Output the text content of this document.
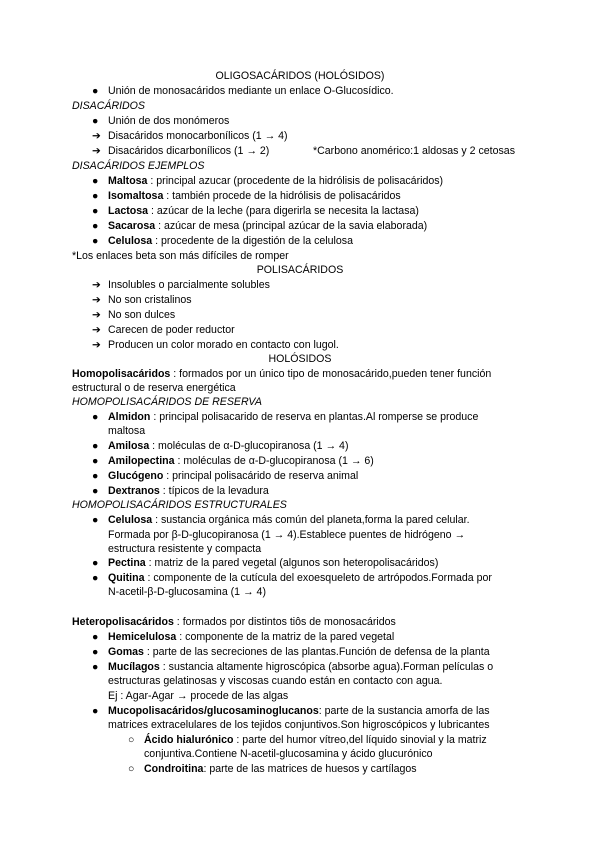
OLIGOSACÁRIDOS (HOLÓSIDOS)
● Unión de monosacáridos mediante un enlace O-Glucosídico.
DISACÁRIDOS
● Unión de dos monómeros
➔ Disacáridos monocarbonílicos (1 → 4)
➔ Disacáridos dicarbonílicos (1 → 2)	*Carbono anomérico:1 aldosas y 2 cetosas
DISACÁRIDOS EJEMPLOS
● Maltosa : principal azucar (procedente de la hidrólisis de polisacáridos)
● Isomaltosa : también procede de la hidrólisis de polisacáridos
● Lactosa : azúcar de la leche (para digerirla se necesita la lactasa)
● Sacarosa : azúcar de mesa (principal azúcar de la savia elaborada)
● Celulosa : procedente de la digestión de la celulosa
*Los enlaces beta son más difíciles de romper
POLISACÁRIDOS
➔ Insolubles o parcialmente solubles
➔ No son cristalinos
➔ No son dulces
➔ Carecen de poder reductor
➔ Producen un color morado en contacto con lugol.
HOLÓSIDOS
Homopolisacáridos : formados por un único tipo de monosacárido,pueden tener función
estructural o de reserva energética
HOMOPOLISACÁRIDOS DE RESERVA
● Almidon : principal polisacarido de reserva en plantas.Al romperse se produce
maltosa
● Amilosa : moléculas de α-D-glucopiranosa (1 → 4)
● Amilopectina : moléculas de α-D-glucopiranosa (1 → 6)
● Glucógeno : principal polisacárido de reserva animal
● Dextranos : típicos de la levadura
HOMOPOLISACÁRIDOS ESTRUCTURALES
● Celulosa : sustancia orgánica más común del planeta,forma la pared celular.
Formada por β-D-glucopiranosa (1 → 4).Establece puentes de hidrógeno →
estructura resistente y compacta
● Pectina : matriz de la pared vegetal (algunos son heteropolisacáridos)
● Quitina : componente de la cutícula del exoesqueleto de artrópodos.Formada por
N-acetil-β-D-glucosamina (1 → 4)
Heteropolisacáridos : formados por distintos tiôs de monosacáridos
● Hemicelulosa : componente de la matriz de la pared vegetal
● Gomas : parte de las secreciones de las plantas.Función de defensa de la planta
● Mucílagos : sustancia altamente higroscópica (absorbe agua).Forman películas o
estructuras gelatinosas y viscosas cuando están en contacto con agua.
Ej : Agar-Agar → procede de las algas
● Mucopolisacáridos/glucosaminoglucanos: parte de la sustancia amorfa de las
matrices extracelulares de los tejidos conjuntivos.Son higroscópicos y lubricantes
○ Ácido hialurónico : parte del humor vítreo,del líquido sinovial y la matriz
conjuntiva.Contiene N-acetil-glucosamina y ácido glucurónico
○ Condroitina: parte de las matrices de huesos y cartílagos
